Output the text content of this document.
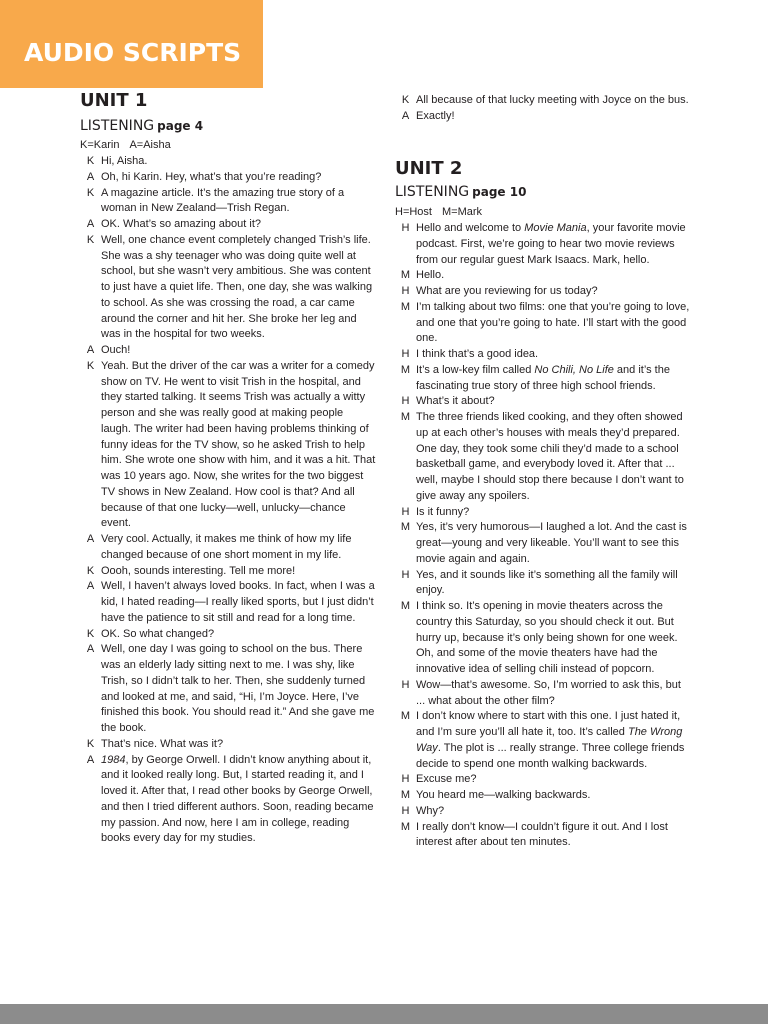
AUDIO SCRIPTS
UNIT 1
LISTENING page 4
K=Karin A=Aisha
K Hi, Aisha.
A Oh, hi Karin. Hey, what’s that you’re reading?
K A magazine article. It’s the amazing true story of a woman in New Zealand—Trish Regan.
A OK. What’s so amazing about it?
K Well, one chance event completely changed Trish’s life. She was a shy teenager who was doing quite well at school, but she wasn’t very ambitious. She was content to just have a quiet life. Then, one day, she was walking to school. As she was crossing the road, a car came around the corner and hit her. She broke her leg and was in the hospital for two weeks.
A Ouch!
K Yeah. But the driver of the car was a writer for a comedy show on TV. He went to visit Trish in the hospital, and they started talking. It seems Trish was actually a witty person and she was really good at making people laugh. The writer had been having problems thinking of funny ideas for the TV show, so he asked Trish to help him. She wrote one show with him, and it was a hit. That was 10 years ago. Now, she writes for the two biggest TV shows in New Zealand. How cool is that? And all because of that one lucky—well, unlucky—chance event.
A Very cool. Actually, it makes me think of how my life changed because of one short moment in my life.
K Oooh, sounds interesting. Tell me more!
A Well, I haven’t always loved books. In fact, when I was a kid, I hated reading—I really liked sports, but I just didn’t have the patience to sit still and read for a long time.
K OK. So what changed?
A Well, one day I was going to school on the bus. There was an elderly lady sitting next to me. I was shy, like Trish, so I didn’t talk to her. Then, she suddenly turned and looked at me, and said, “Hi, I’m Joyce. Here, I’ve finished this book. You should read it.” And she gave me the book.
K That’s nice. What was it?
A 1984, by George Orwell. I didn’t know anything about it, and it looked really long. But, I started reading it, and I loved it. After that, I read other books by George Orwell, and then I tried different authors. Soon, reading became my passion. And now, here I am in college, reading books every day for my studies.
K All because of that lucky meeting with Joyce on the bus.
A Exactly!
UNIT 2
LISTENING page 10
H=Host M=Mark
H Hello and welcome to Movie Mania, your favorite movie podcast. First, we’re going to hear two movie reviews from our regular guest Mark Isaacs. Mark, hello.
M Hello.
H What are you reviewing for us today?
M I’m talking about two films: one that you’re going to love, and one that you’re going to hate. I’ll start with the good one.
H I think that’s a good idea.
M It’s a low-key film called No Chili, No Life and it’s the fascinating true story of three high school friends.
H What’s it about?
M The three friends liked cooking, and they often showed up at each other’s houses with meals they’d prepared. One day, they took some chili they’d made to a school basketball game, and everybody loved it. After that ... well, maybe I should stop there because I don’t want to give away any spoilers.
H Is it funny?
M Yes, it’s very humorous—I laughed a lot. And the cast is great—young and very likeable. You’ll want to see this movie again and again.
H Yes, and it sounds like it’s something all the family will enjoy.
M I think so. It’s opening in movie theaters across the country this Saturday, so you should check it out. But hurry up, because it’s only being shown for one week. Oh, and some of the movie theaters have had the innovative idea of selling chili instead of popcorn.
H Wow—that’s awesome. So, I’m worried to ask this, but ... what about the other film?
M I don’t know where to start with this one. I just hated it, and I’m sure you’ll all hate it, too. It’s called The Wrong Way. The plot is ... really strange. Three college friends decide to spend one month walking backwards.
H Excuse me?
M You heard me—walking backwards.
H Why?
M I really don’t know—I couldn’t figure it out. And I lost interest after about ten minutes.
